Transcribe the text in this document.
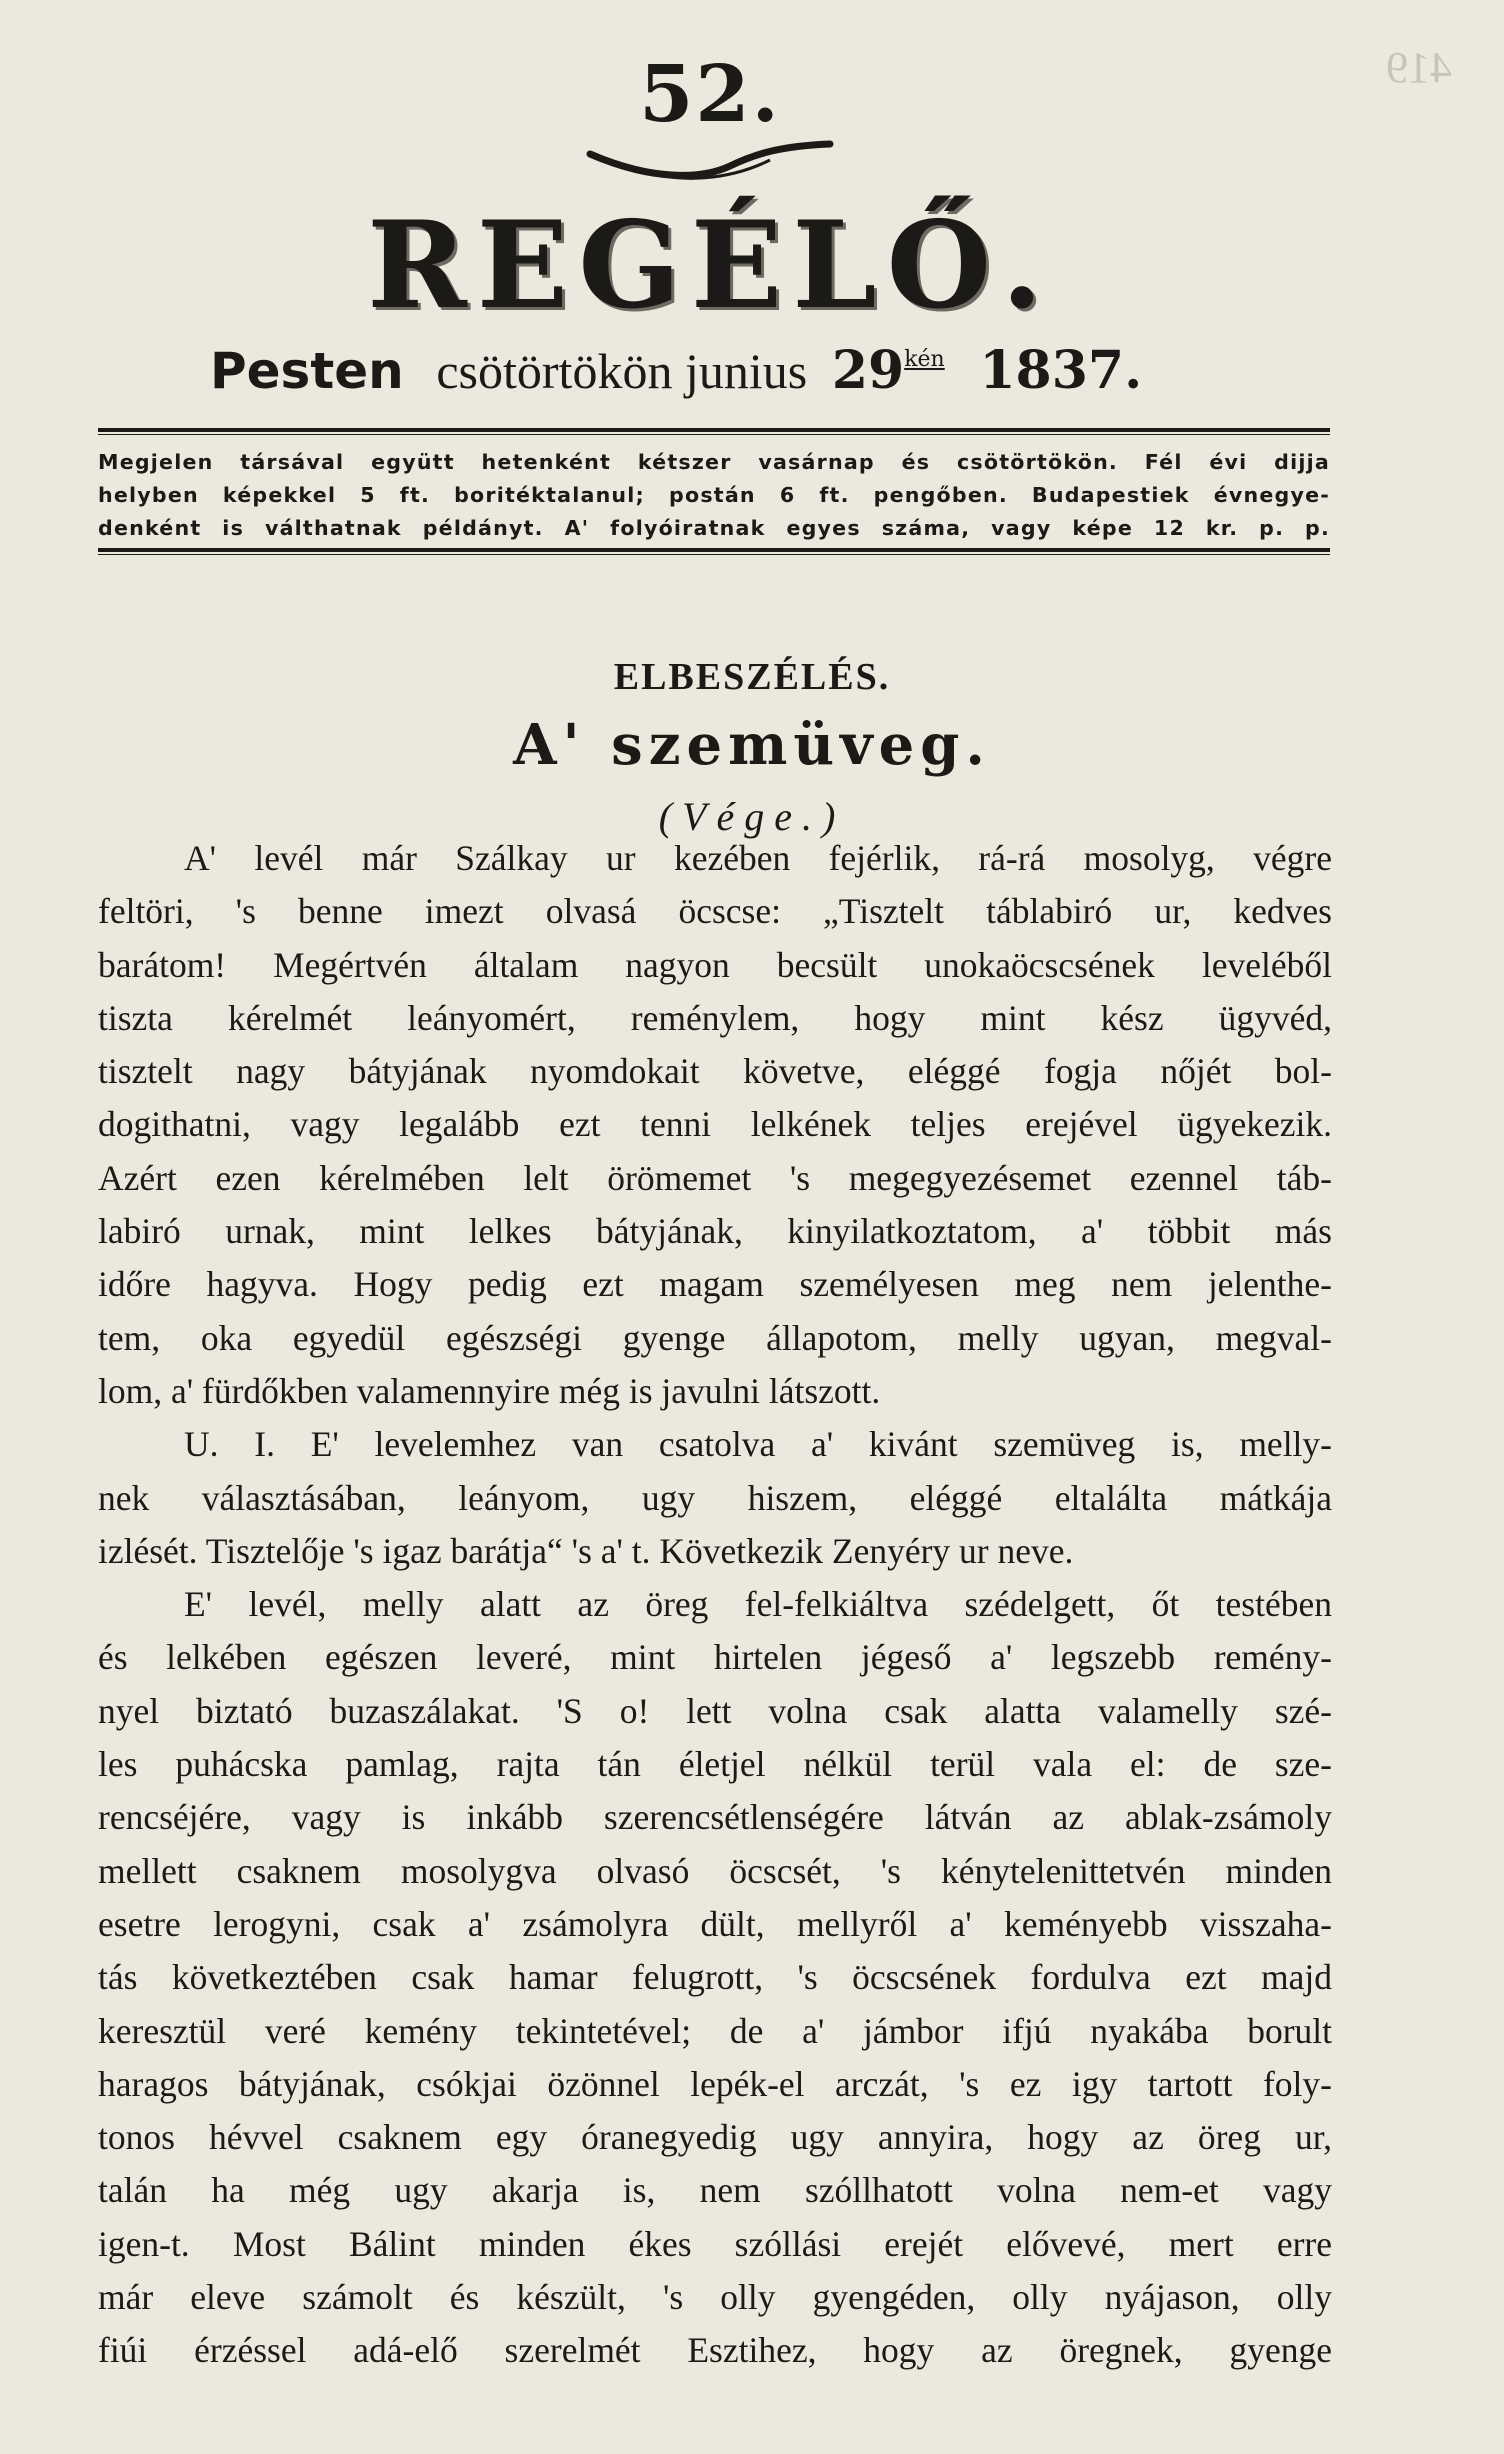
419
52.
REGÉLŐ.
Pesten csötörtökön junius $29^{kén}$ 1837.
Megjelen társával együtt hetenként kétszer vasárnap és csötörtökön. Fél évi dijja
helyben képekkel 5 ft. boritéktalanul; postán 6 ft. pengőben. Budapestiek évnegye-
denként is válthatnak példányt. A' folyóiratnak egyes száma, vagy képe 12 kr. p. p.
ELBESZÉLÉS.
A' szemüveg.
(Vége.)
A' levél már Szálkay ur kezében fejérlik, rá-rá mosolyg, végre
feltöri, 's benne imezt olvasá öcscse: „Tisztelt táblabiró ur, kedves
barátom! Megértvén általam nagyon becsült unokaöcscsének leveléből
tiszta kérelmét leányomért, reménylem, hogy mint kész ügyvéd,
tisztelt nagy bátyjának nyomdokait követve, eléggé fogja nőjét bol-
dogithatni, vagy legalább ezt tenni lelkének teljes erejével ügyekezik.
Azért ezen kérelmében lelt örömemet 's megegyezésemet ezennel táb-
labiró urnak, mint lelkes bátyjának, kinyilatkoztatom, a' többit más
időre hagyva. Hogy pedig ezt magam személyesen meg nem jelenthe-
tem, oka egyedül egészségi gyenge állapotom, melly ugyan, megval-
lom, a' fürdőkben valamennyire még is javulni látszott.
U. I. E' levelemhez van csatolva a' kivánt szemüveg is, melly-
nek választásában, leányom, ugy hiszem, eléggé eltalálta mátkája
izlését. Tisztelője 's igaz barátja“ 's a' t. Következik Zenyéry ur neve.
E' levél, melly alatt az öreg fel-felkiáltva szédelgett, őt testében
és lelkében egészen leveré, mint hirtelen jégeső a' legszebb remény-
nyel biztató buzaszálakat. 'S o! lett volna csak alatta valamelly szé-
les puhácska pamlag, rajta tán életjel nélkül terül vala el: de sze-
rencséjére, vagy is inkább szerencsétlenségére látván az ablak-zsámoly
mellett csaknem mosolygva olvasó öcscsét, 's kénytelenittetvén minden
esetre lerogyni, csak a' zsámolyra dült, mellyről a' keményebb visszaha-
tás következtében csak hamar felugrott, 's öcscsének fordulva ezt majd
keresztül veré kemény tekintetével; de a' jámbor ifjú nyakába borult
haragos bátyjának, csókjai özönnel lepék-el arczát, 's ez igy tartott foly-
tonos hévvel csaknem egy óranegyedig ugy annyira, hogy az öreg ur,
talán ha még ugy akarja is, nem szóllhatott volna nem-et vagy
igen-t. Most Bálint minden ékes szóllási erejét elővevé, mert erre
már eleve számolt és készült, 's olly gyengéden, olly nyájason, olly
fiúi érzéssel adá-elő szerelmét Esztihez, hogy az öregnek, gyenge
